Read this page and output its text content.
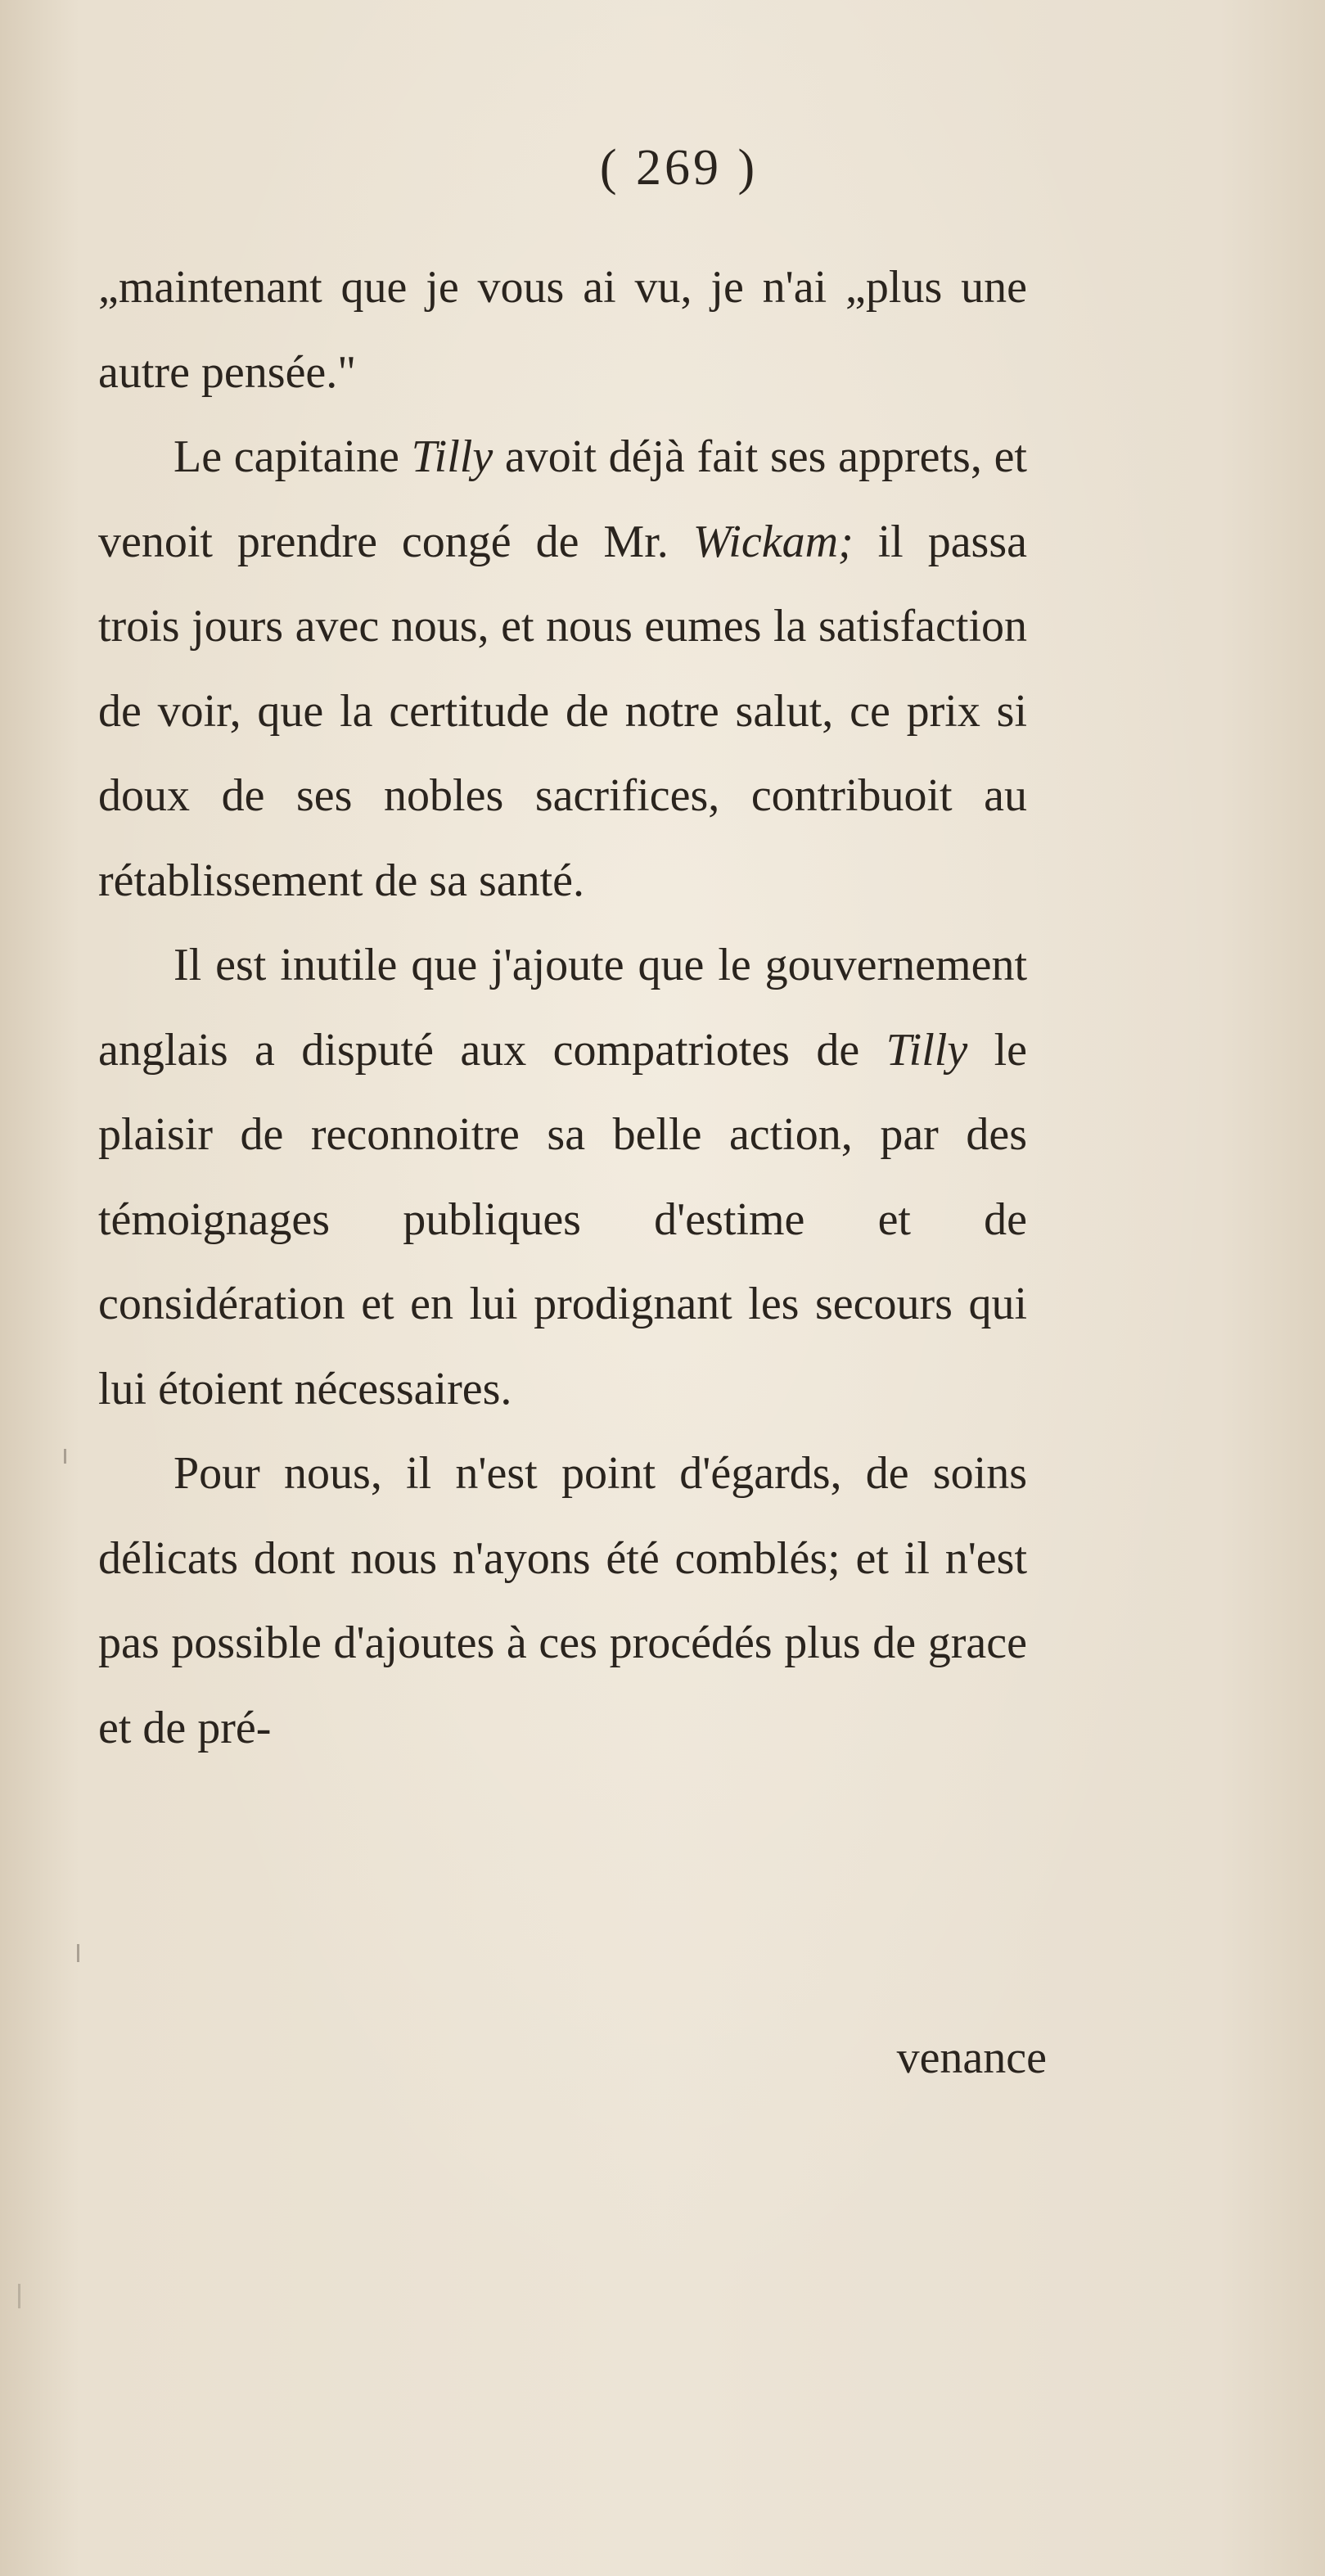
( 269 )

„maintenant que je vous ai vu, je n'ai „plus une autre pensée."

Le capitaine Tilly avoit déjà fait ses apprets, et venoit prendre congé de Mr. Wickam; il passa trois jours avec nous, et nous eumes la satisfaction de voir, que la certitude de notre salut, ce prix si doux de ses nobles sacrifices, contribuoit au rétablissement de sa santé.

Il est inutile que j'ajoute que le gouvernement anglais a disputé aux compatriotes de Tilly le plaisir de reconnoitre sa belle action, par des témoignages publiques d'estime et de considération et en lui prodignant les secours qui lui étoient nécessaires.

Pour nous, il n'est point d'égards, de soins délicats dont nous n'ayons été comblés; et il n'est pas possible d'ajoutes à ces procédés plus de grace et de pré-

venance
